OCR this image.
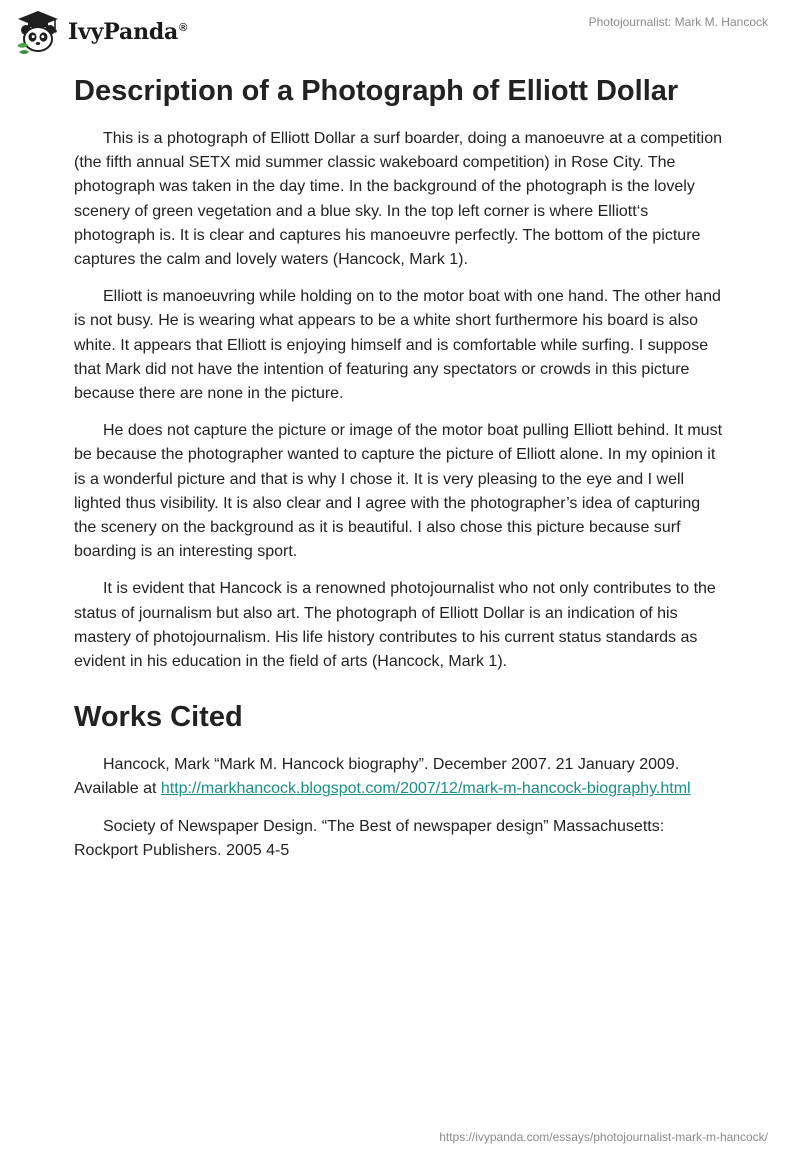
IvyPanda®	Photojournalist: Mark M. Hancock
Description of a Photograph of Elliott Dollar

This is a photograph of Elliott Dollar a surf boarder, doing a manoeuvre at a competition (the fifth annual SETX mid summer classic wakeboard competition) in Rose City. The photograph was taken in the day time. In the background of the photograph is the lovely scenery of green vegetation and a blue sky. In the top left corner is where Elliott‘s photograph is. It is clear and captures his manoeuvre perfectly. The bottom of the picture captures the calm and lovely waters (Hancock, Mark 1).

Elliott is manoeuvring while holding on to the motor boat with one hand. The other hand is not busy. He is wearing what appears to be a white short furthermore his board is also white. It appears that Elliott is enjoying himself and is comfortable while surfing. I suppose that Mark did not have the intention of featuring any spectators or crowds in this picture because there are none in the picture.

He does not capture the picture or image of the motor boat pulling Elliott behind. It must be because the photographer wanted to capture the picture of Elliott alone. In my opinion it is a wonderful picture and that is why I chose it. It is very pleasing to the eye and I well lighted thus visibility. It is also clear and I agree with the photographer’s idea of capturing the scenery on the background as it is beautiful. I also chose this picture because surf boarding is an interesting sport.

It is evident that Hancock is a renowned photojournalist who not only contributes to the status of journalism but also art. The photograph of Elliott Dollar is an indication of his mastery of photojournalism. His life history contributes to his current status standards as evident in his education in the field of arts (Hancock, Mark 1).

Works Cited

Hancock, Mark “Mark M. Hancock biography”. December 2007. 21 January 2009. Available at http://markhancock.blogspot.com/2007/12/mark-m-hancock-biography.html

Society of Newspaper Design. “The Best of newspaper design” Massachusetts: Rockport Publishers. 2005 4-5

https://ivypanda.com/essays/photojournalist-mark-m-hancock/
